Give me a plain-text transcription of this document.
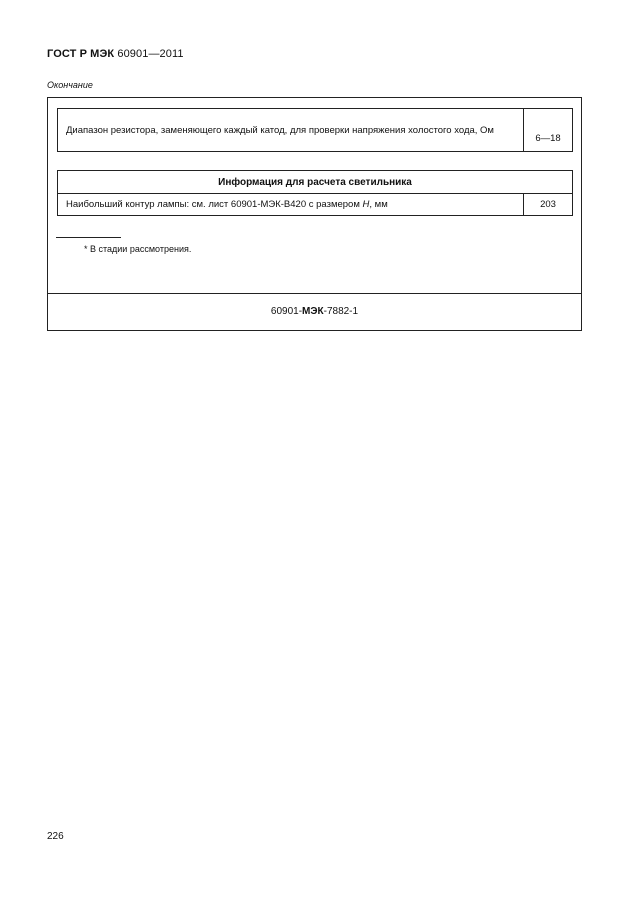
ГОСТ Р МЭК 60901—2011
Окончание
Диапазон резистора, заменяющего каждый катод, для проверки напряжения холостого хода, Ом	6—18
Информация для расчета светильника
Наибольший контур лампы: см. лист 60901-МЭК-В420 с размером H, мм	203
* В стадии рассмотрения.
60901-МЭК-7882-1
226
